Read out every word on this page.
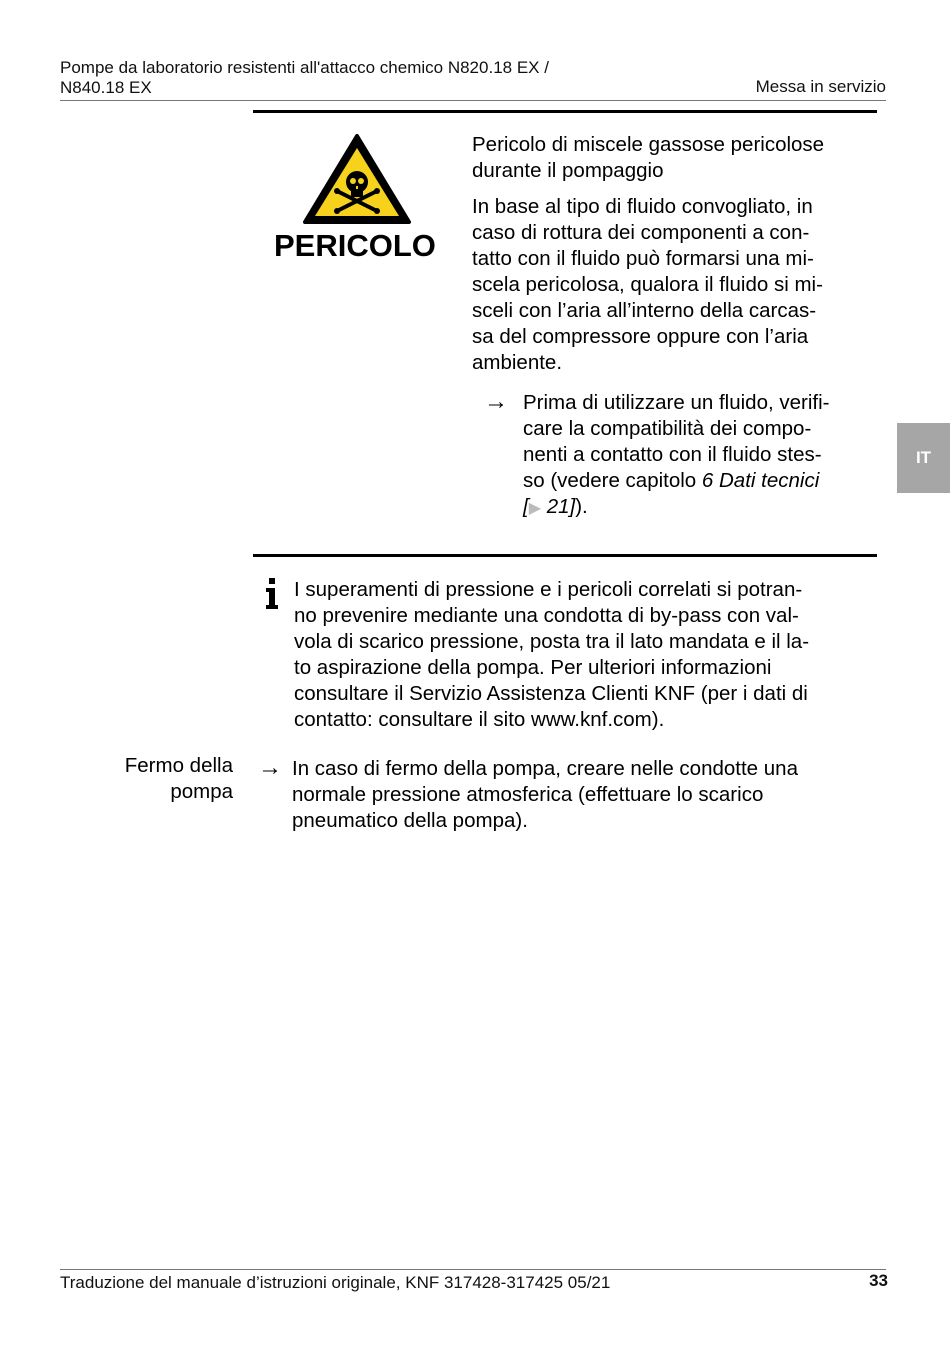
Pompe da laboratorio resistenti all'attacco chemico N820.18 EX /
N840.18 EX	Messa in servizio
IT
PERICOLO
Pericolo di miscele gassose pericolose
durante il pompaggio
In base al tipo di fluido convogliato, in
caso di rottura dei componenti a con-
tatto con il fluido può formarsi una mi-
scela pericolosa, qualora il fluido si mi-
sceli con l’aria all’interno della carcas-
sa del compressore oppure con l’aria
ambiente.
→ Prima di utilizzare un fluido, verifi-
care la compatibilità dei compo-
nenti a contatto con il fluido stes-
so (vedere capitolo 6 Dati tecnici
[▶ 21]).
I superamenti di pressione e i pericoli correlati si potran-
no prevenire mediante una condotta di by-pass con val-
vola di scarico pressione, posta tra il lato mandata e il la-
to aspirazione della pompa. Per ulteriori informazioni
consultare il Servizio Assistenza Clienti KNF (per i dati di
contatto: consultare il sito www.knf.com).
Fermo della
pompa
→ In caso di fermo della pompa, creare nelle condotte una
normale pressione atmosferica (effettuare lo scarico
pneumatico della pompa).
Traduzione del manuale d’istruzioni originale, KNF 317428-317425 05/21	33
